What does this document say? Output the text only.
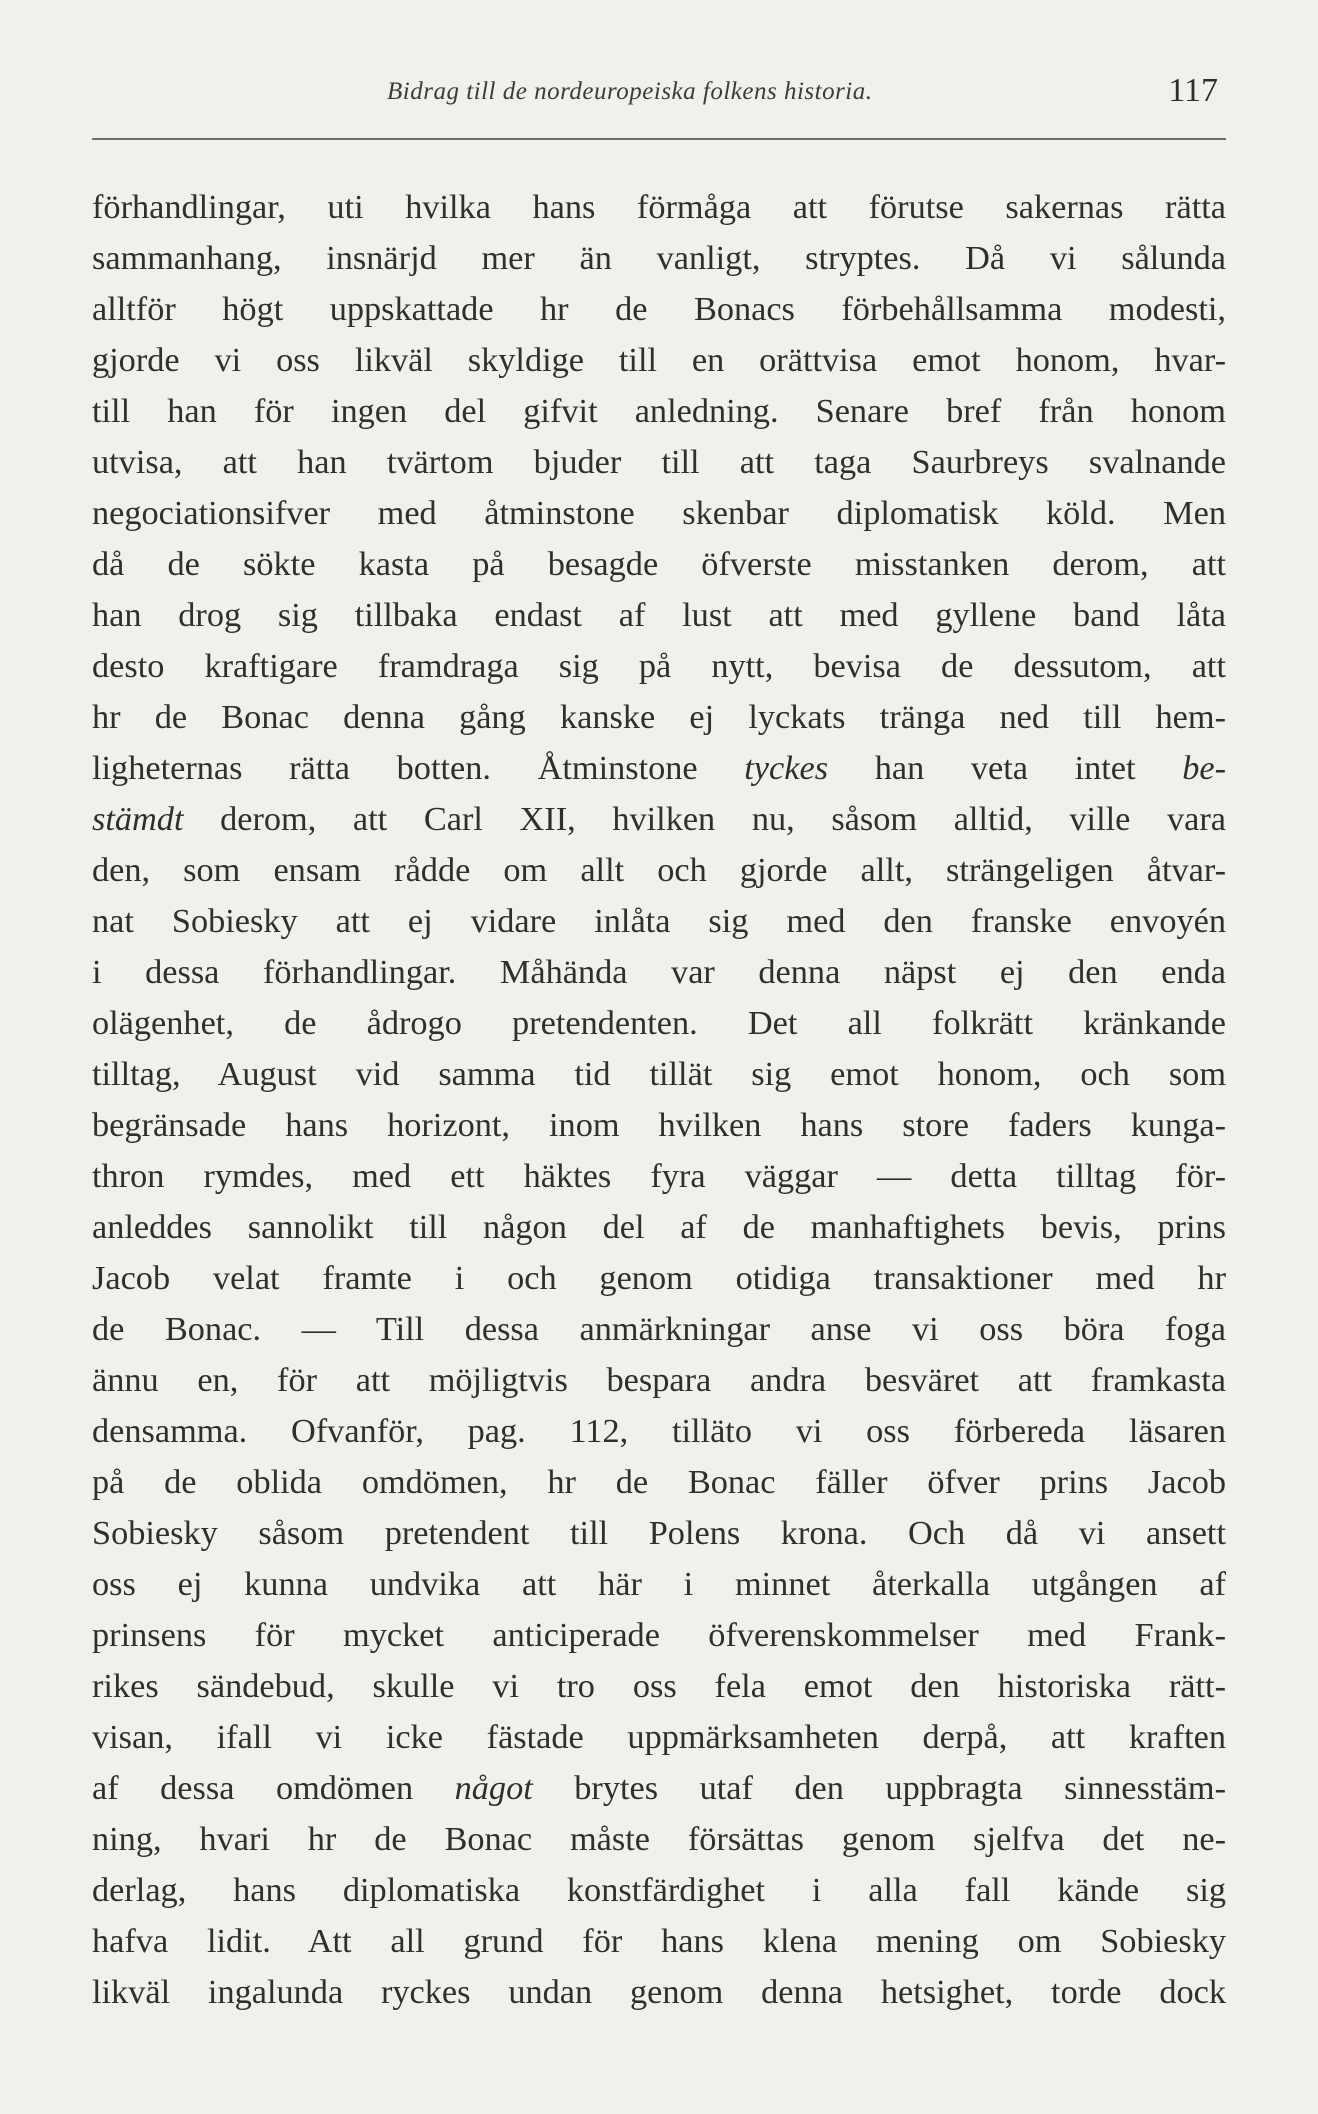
Bidrag till de nordeuropeiska folkens historia.	117
förhandlingar, uti hvilka hans förmåga att förutse sakernas rätta
sammanhang, insnärjd mer än vanligt, stryptes. Då vi sålunda
alltför högt uppskattade hr de Bonacs förbehållsamma modesti,
gjorde vi oss likväl skyldige till en orättvisa emot honom, hvar-
till han för ingen del gifvit anledning. Senare bref från honom
utvisa, att han tvärtom bjuder till att taga Saurbreys svalnande
negociationsifver med åtminstone skenbar diplomatisk köld. Men
då de sökte kasta på besagde öfverste misstanken derom, att
han drog sig tillbaka endast af lust att med gyllene band låta
desto kraftigare framdraga sig på nytt, bevisa de dessutom, att
hr de Bonac denna gång kanske ej lyckats tränga ned till hem-
ligheternas rätta botten. Åtminstone tyckes han veta intet be-
stämdt derom, att Carl XII, hvilken nu, såsom alltid, ville vara
den, som ensam rådde om allt och gjorde allt, strängeligen åtvar-
nat Sobiesky att ej vidare inlåta sig med den franske envoyén
i dessa förhandlingar. Måhända var denna näpst ej den enda
olägenhet, de ådrogo pretendenten. Det all folkrätt kränkande
tilltag, August vid samma tid tillät sig emot honom, och som
begränsade hans horizont, inom hvilken hans store faders kunga-
thron rymdes, med ett häktes fyra väggar — detta tilltag för-
anleddes sannolikt till någon del af de manhaftighets bevis, prins
Jacob velat framte i och genom otidiga transaktioner med hr
de Bonac. — Till dessa anmärkningar anse vi oss böra foga
ännu en, för att möjligtvis bespara andra besväret att framkasta
densamma. Ofvanför, pag. 112, tilläto vi oss förbereda läsaren
på de oblida omdömen, hr de Bonac fäller öfver prins Jacob
Sobiesky såsom pretendent till Polens krona. Och då vi ansett
oss ej kunna undvika att här i minnet återkalla utgången af
prinsens för mycket anticiperade öfverenskommelser med Frank-
rikes sändebud, skulle vi tro oss fela emot den historiska rätt-
visan, ifall vi icke fästade uppmärksamheten derpå, att kraften
af dessa omdömen något brytes utaf den uppbragta sinnesstäm-
ning, hvari hr de Bonac måste försättas genom sjelfva det ne-
derlag, hans diplomatiska konstfärdighet i alla fall kände sig
hafva lidit. Att all grund för hans klena mening om Sobiesky
likväl ingalunda ryckes undan genom denna hetsighet, torde dock
